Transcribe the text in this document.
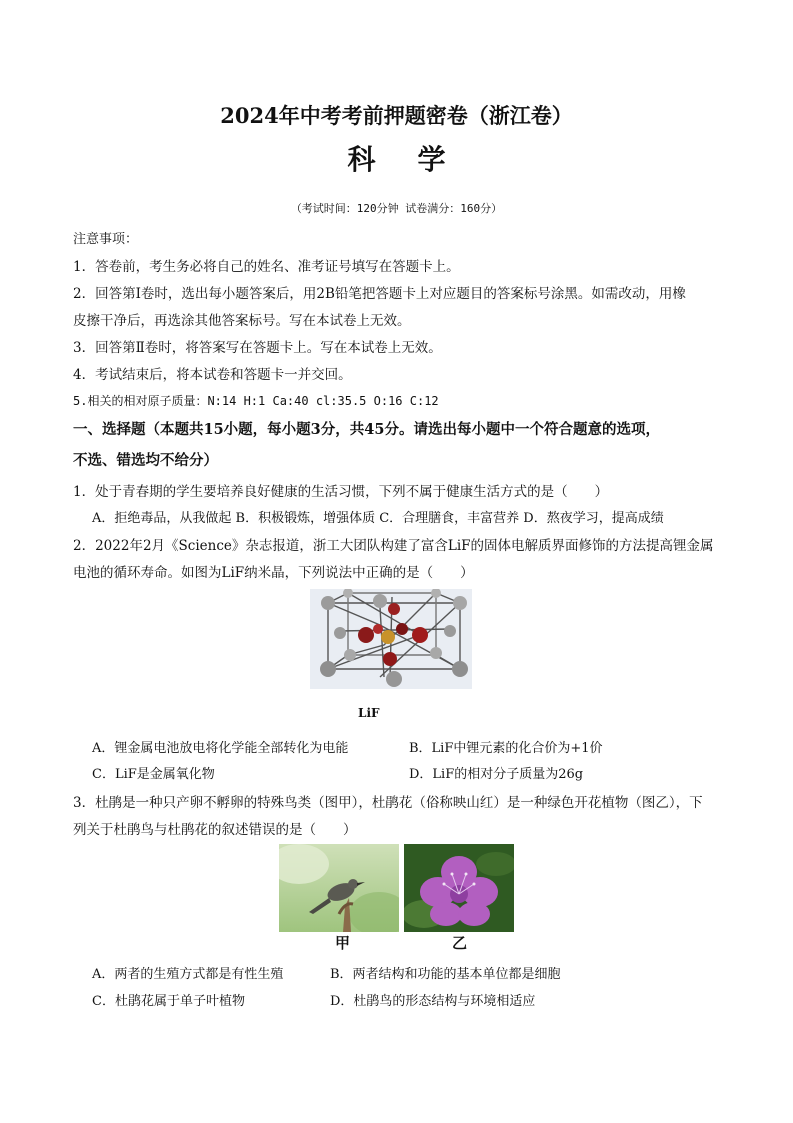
2024年中考考前押题密卷（浙江卷）
科学
（考试时间：120分钟 试卷满分：160分）
注意事项：
1．答卷前，考生务必将自己的姓名、准考证号填写在答题卡上。
2．回答第Ⅰ卷时，选出每小题答案后，用2B铅笔把答题卡上对应题目的答案标号涂黑。如需改动，用橡
皮擦干净后，再选涂其他答案标号。写在本试卷上无效。
3．回答第Ⅱ卷时，将答案写在答题卡上。写在本试卷上无效。
4．考试结束后，将本试卷和答题卡一并交回。
5.相关的相对原子质量：N:14 H:1 Ca:40 cl:35.5 O:16 C:12
一、选择题（本题共15小题，每小题3分，共45分。请选出每小题中一个符合题意的选项，
不选、错选均不给分）
1．处于青春期的学生要培养良好健康的生活习惯，下列不属于健康生活方式的是（　　）
A．拒绝毒品，从我做起 B．积极锻炼，增强体质 C．合理膳食，丰富营养 D．熬夜学习，提高成绩
2．2022年2月《Science》杂志报道，浙工大团队构建了富含LiF的固体电解质界面修饰的方法提高锂金属
电池的循环寿命。如图为LiF纳米晶，下列说法中正确的是（　　）
LiF
A．锂金属电池放电将化学能全部转化为电能	B．LiF中锂元素的化合价为+1价
C．LiF是金属氧化物	D．LiF的相对分子质量为26g
3．杜鹃是一种只产卵不孵卵的特殊鸟类（图甲），杜鹃花（俗称映山红）是一种绿色开花植物（图乙），下
列关于杜鹃鸟与杜鹃花的叙述错误的是（　　）
甲	乙
A．两者的生殖方式都是有性生殖	B．两者结构和功能的基本单位都是细胞
C．杜鹃花属于单子叶植物	D．杜鹃鸟的形态结构与环境相适应
